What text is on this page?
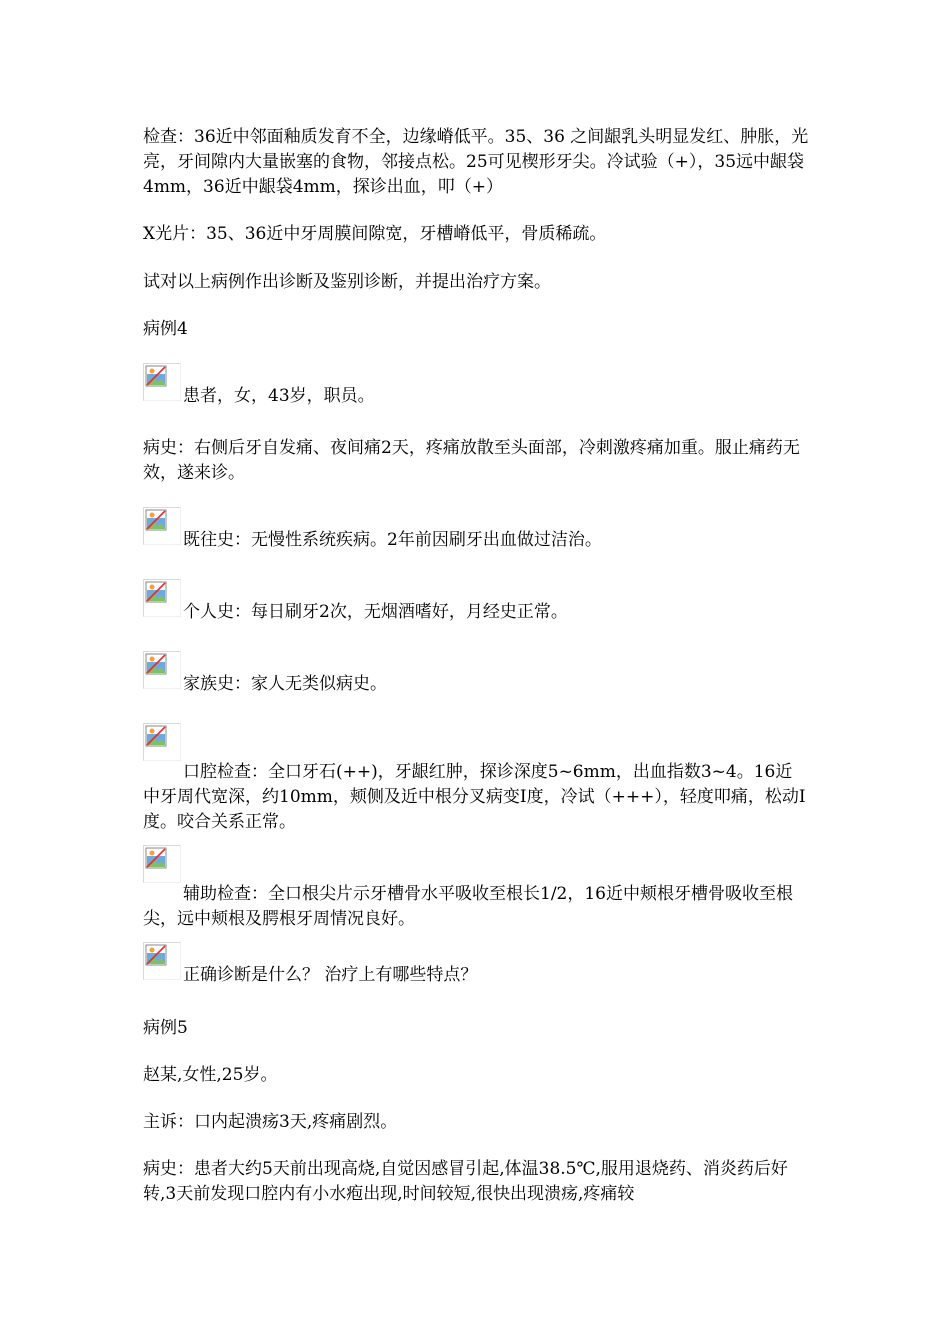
检查：36近中邻面釉质发育不全，边缘嵴低平。35、36 之间龈乳头明显发红、肿胀，光亮，牙间隙内大量嵌塞的食物，邻接点松。25可见楔形牙尖。冷试验（+），35远中龈袋4mm，36近中龈袋4mm，探诊出血，叩（+）

X光片：35、36近中牙周膜间隙宽，牙槽嵴低平，骨质稀疏。

试对以上病例作出诊断及鉴别诊断，并提出治疗方案。

病例4

患者，女，43岁，职员。

病史：右侧后牙自发痛、夜间痛2天，疼痛放散至头面部，冷刺激疼痛加重。服止痛药无效，遂来诊。

既往史：无慢性系统疾病。2年前因刷牙出血做过洁治。
个人史：每日刷牙2次，无烟酒嗜好，月经史正常。
家族史：家人无类似病史。

口腔检查：全口牙石(++)，牙龈红肿，探诊深度5~6mm，出血指数3~4。16近中牙周代宽深，约10mm，颊侧及近中根分叉病变Ⅰ度，冷试（+++），轻度叩痛，松动Ⅰ度。咬合关系正常。

辅助检查：全口根尖片示牙槽骨水平吸收至根长1/2，16近中颊根牙槽骨吸收至根尖，远中颊根及腭根牙周情况良好。

正确诊断是什么？ 治疗上有哪些特点？

病例5

赵某,女性,25岁。

主诉：口内起溃疡3天,疼痛剧烈。

病史：患者大约5天前出现高烧,自觉因感冒引起,体温38.5℃,服用退烧药、消炎药后好转,3天前发现口腔内有小水疱出现,时间较短,很快出现溃疡,疼痛较
